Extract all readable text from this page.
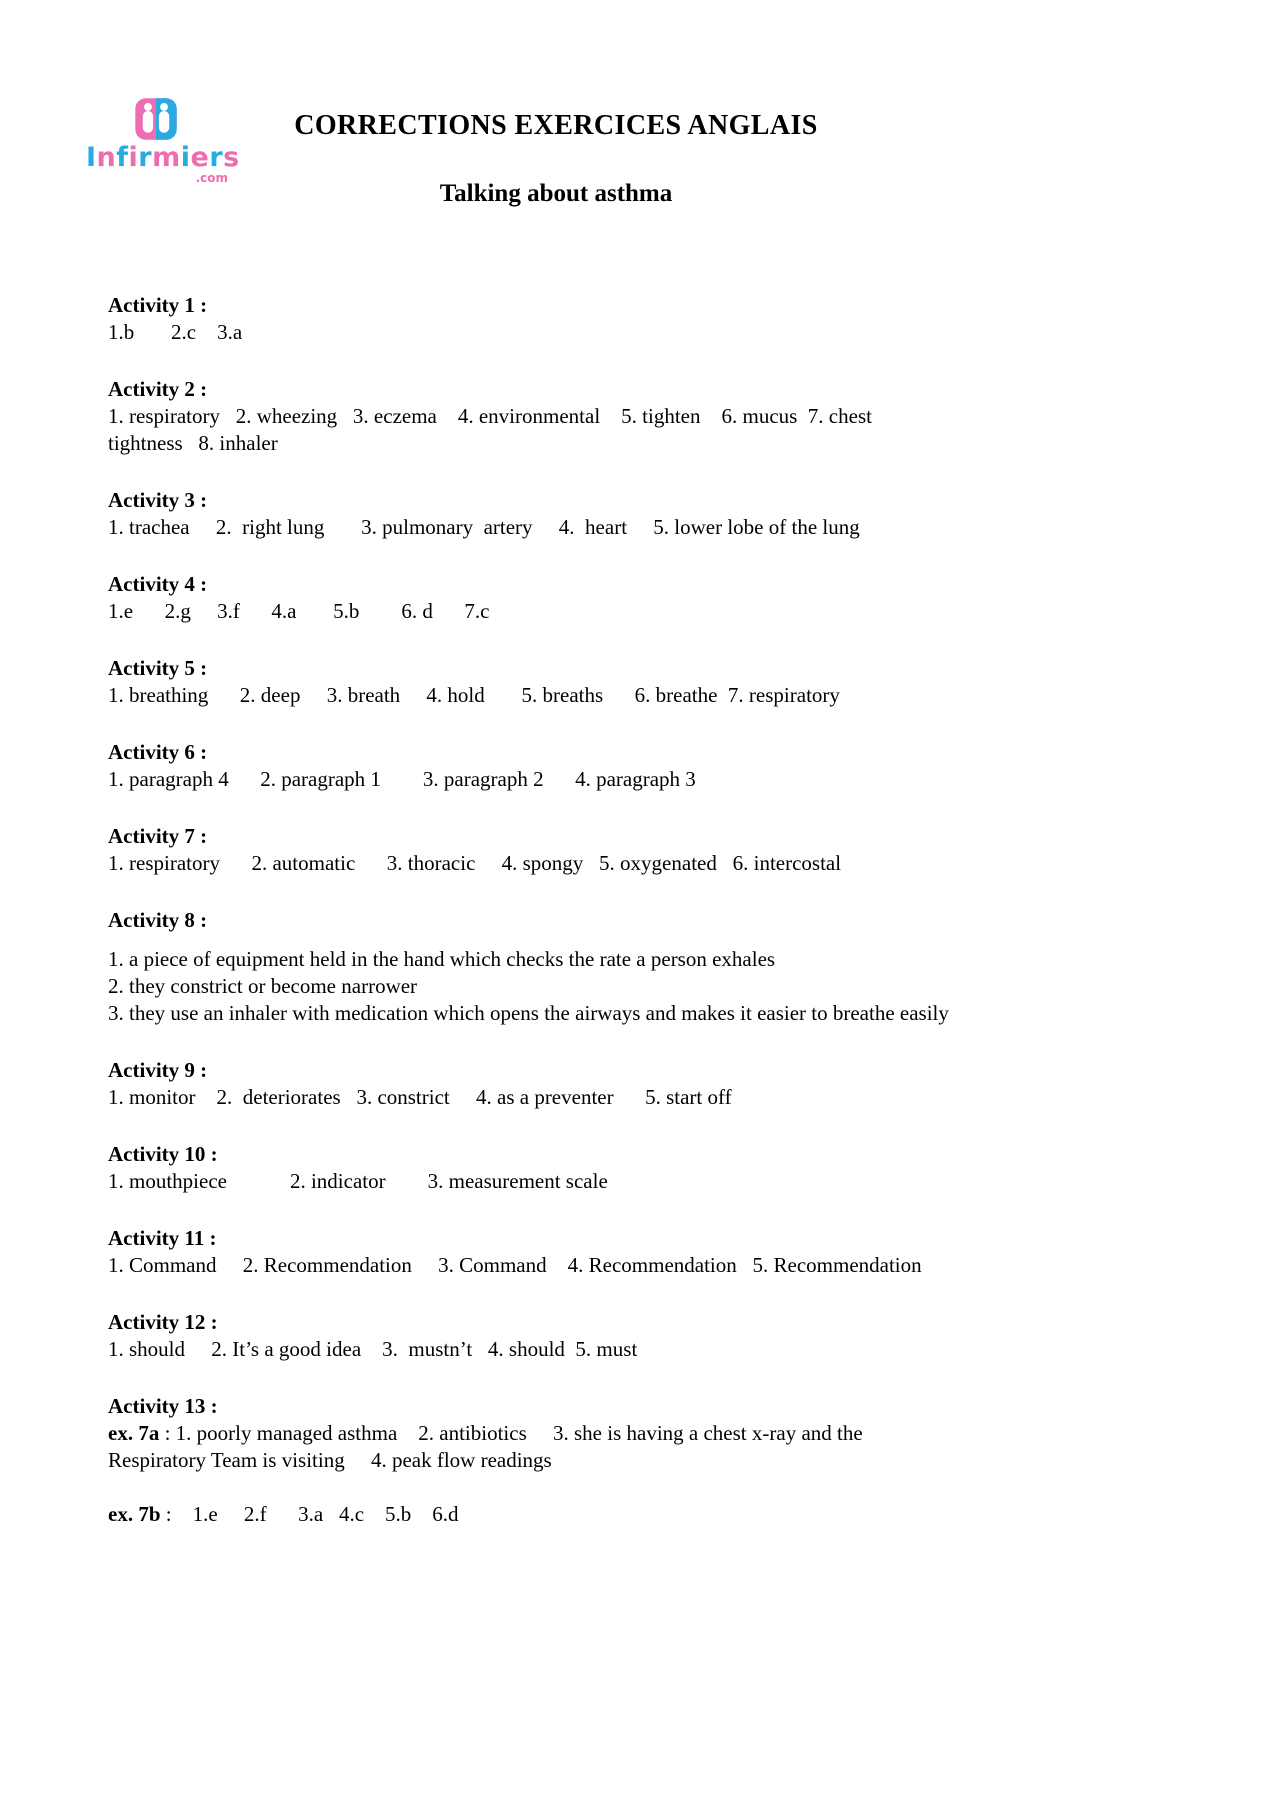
Infirmiers
.com
CORRECTIONS EXERCICES ANGLAIS
Talking about asthma
Activity 1 :
1.b       2.c    3.a
Activity 2 :
1. respiratory   2. wheezing   3. eczema    4. environmental    5. tighten    6. mucus  7. chest
tightness   8. inhaler
Activity 3 :
1. trachea     2.  right lung       3. pulmonary  artery     4.  heart     5. lower lobe of the lung
Activity 4 :
1.e      2.g     3.f      4.a       5.b        6. d      7.c
Activity 5 :
1. breathing      2. deep     3. breath     4. hold       5. breaths      6. breathe  7. respiratory
Activity 6 :
1. paragraph 4      2. paragraph 1        3. paragraph 2      4. paragraph 3
Activity 7 :
1. respiratory      2. automatic      3. thoracic     4. spongy   5. oxygenated   6. intercostal
Activity 8 :
1. a piece of equipment held in the hand which checks the rate a person exhales
2. they constrict or become narrower
3. they use an inhaler with medication which opens the airways and makes it easier to breathe easily
Activity 9 :
1. monitor    2.  deteriorates   3. constrict     4. as a preventer      5. start off
Activity 10 :
1. mouthpiece            2. indicator        3. measurement scale
Activity 11 :
1. Command     2. Recommendation     3. Command    4. Recommendation   5. Recommendation
Activity 12 :
1. should     2. It’s a good idea    3.  mustn’t   4. should  5. must
Activity 13 :
ex. 7a : 1. poorly managed asthma    2. antibiotics     3. she is having a chest x-ray and the
Respiratory Team is visiting     4. peak flow readings
ex. 7b :    1.e     2.f      3.a   4.c    5.b    6.d
